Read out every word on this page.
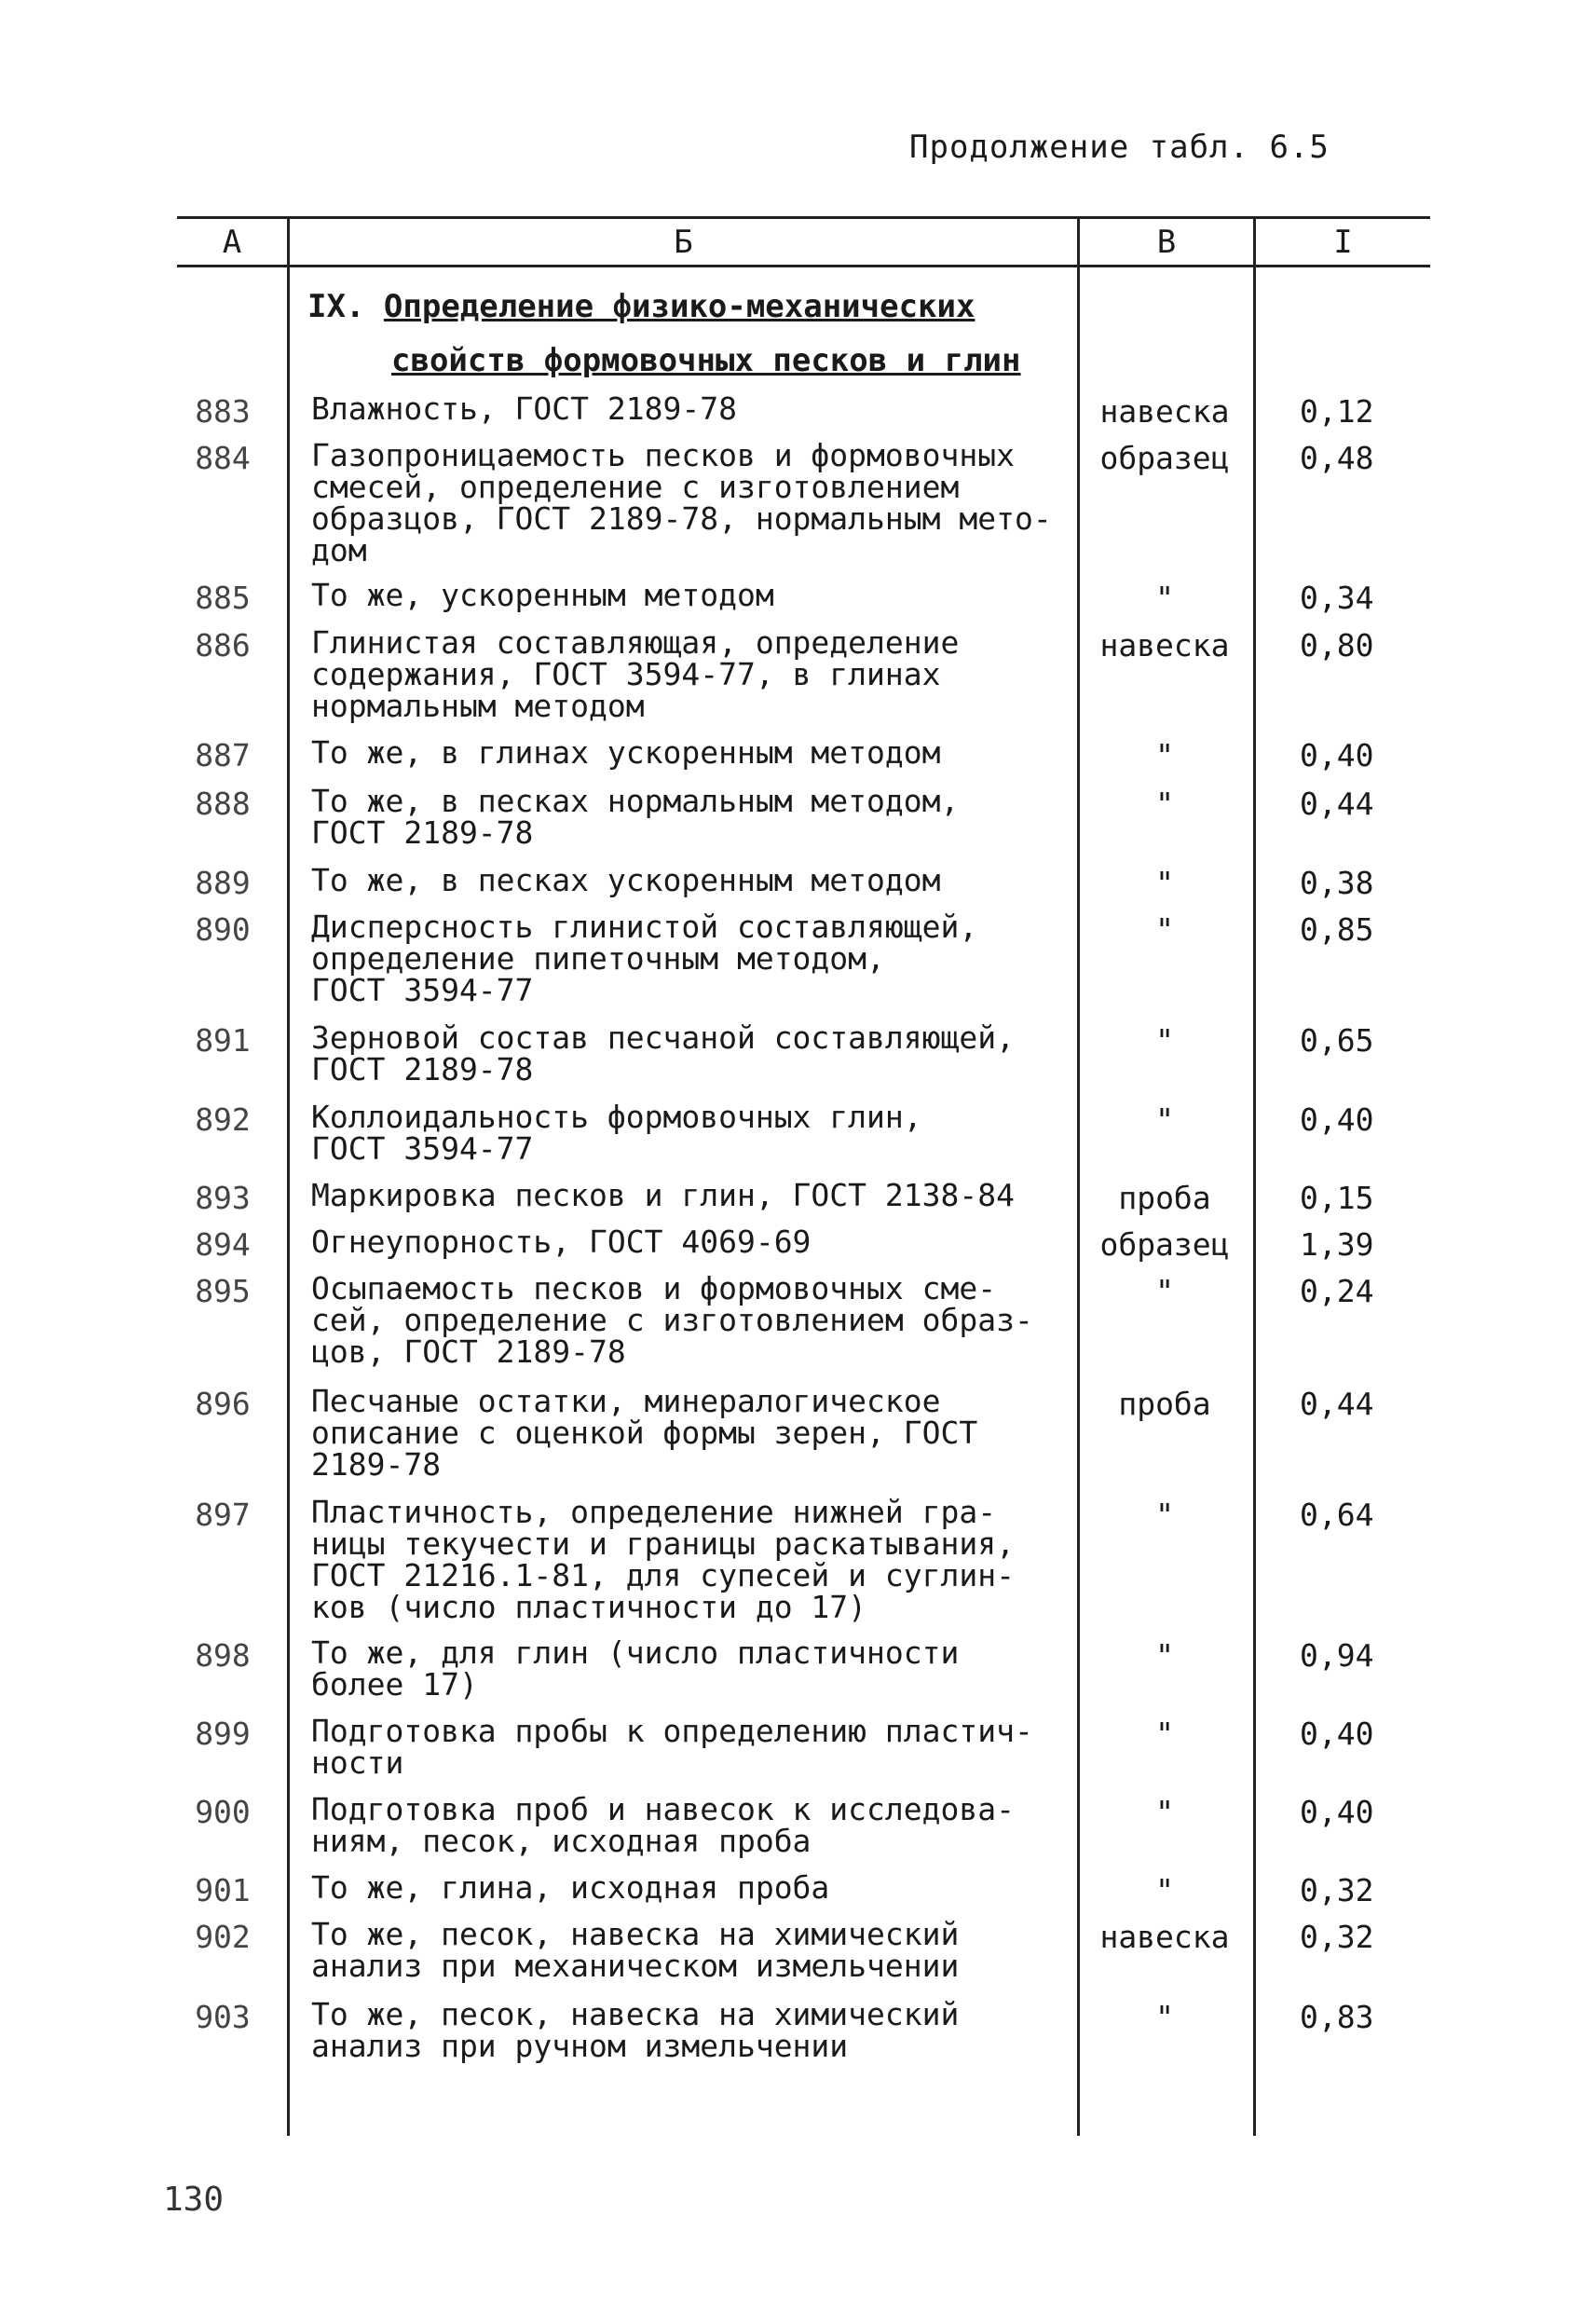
Продолжение табл. 6.5
А	Б	В	I
IX. Определение физико-механических
свойств формовочных песков и глин
883 Влажность, ГОСТ 2189-78	навеска	0,12
884 Газопроницаемость песков и формовочных
смесей, определение с изготовлением
образцов, ГОСТ 2189-78, нормальным мето-
дом
образец	0,48
885 То же, ускоренным методом	"	0,34
886 Глинистая составляющая, определение
содержания, ГОСТ 3594-77, в глинах
нормальным методом
навеска	0,80
887 То же, в глинах ускоренным методом	"	0,40
888 То же, в песках нормальным методом,
ГОСТ 2189-78
"	0,44
889 То же, в песках ускоренным методом	"	0,38
890 Дисперсность глинистой составляющей,
определение пипеточным методом,
ГОСТ 3594-77
"	0,85
891 Зерновой состав песчаной составляющей,
ГОСТ 2189-78
"	0,65
892 Коллоидальность формовочных глин,
ГОСТ 3594-77
"	0,40
893 Маркировка песков и глин, ГОСТ 2138-84	проба	0,15
894 Огнеупорность, ГОСТ 4069-69	образец	1,39
895 Осыпаемость песков и формовочных сме-
сей, определение с изготовлением образ-
цов, ГОСТ 2189-78
"	0,24
896 Песчаные остатки, минералогическое
описание с оценкой формы зерен, ГОСТ
2189-78
проба	0,44
897 Пластичность, определение нижней гра-
ницы текучести и границы раскатывания,
ГОСТ 21216.1-81, для супесей и суглин-
ков (число пластичности до 17)
"	0,64
898 То же, для глин (число пластичности
более 17)
"	0,94
899 Подготовка пробы к определению пластич-
ности
"	0,40
900 Подготовка проб и навесок к исследова-
ниям, песок, исходная проба
"	0,40
901 То же, глина, исходная проба	"	0,32
902 То же, песок, навеска на химический
анализ при механическом измельчении
навеска	0,32
903 То же, песок, навеска на химический
анализ при ручном измельчении
"	0,83
130
